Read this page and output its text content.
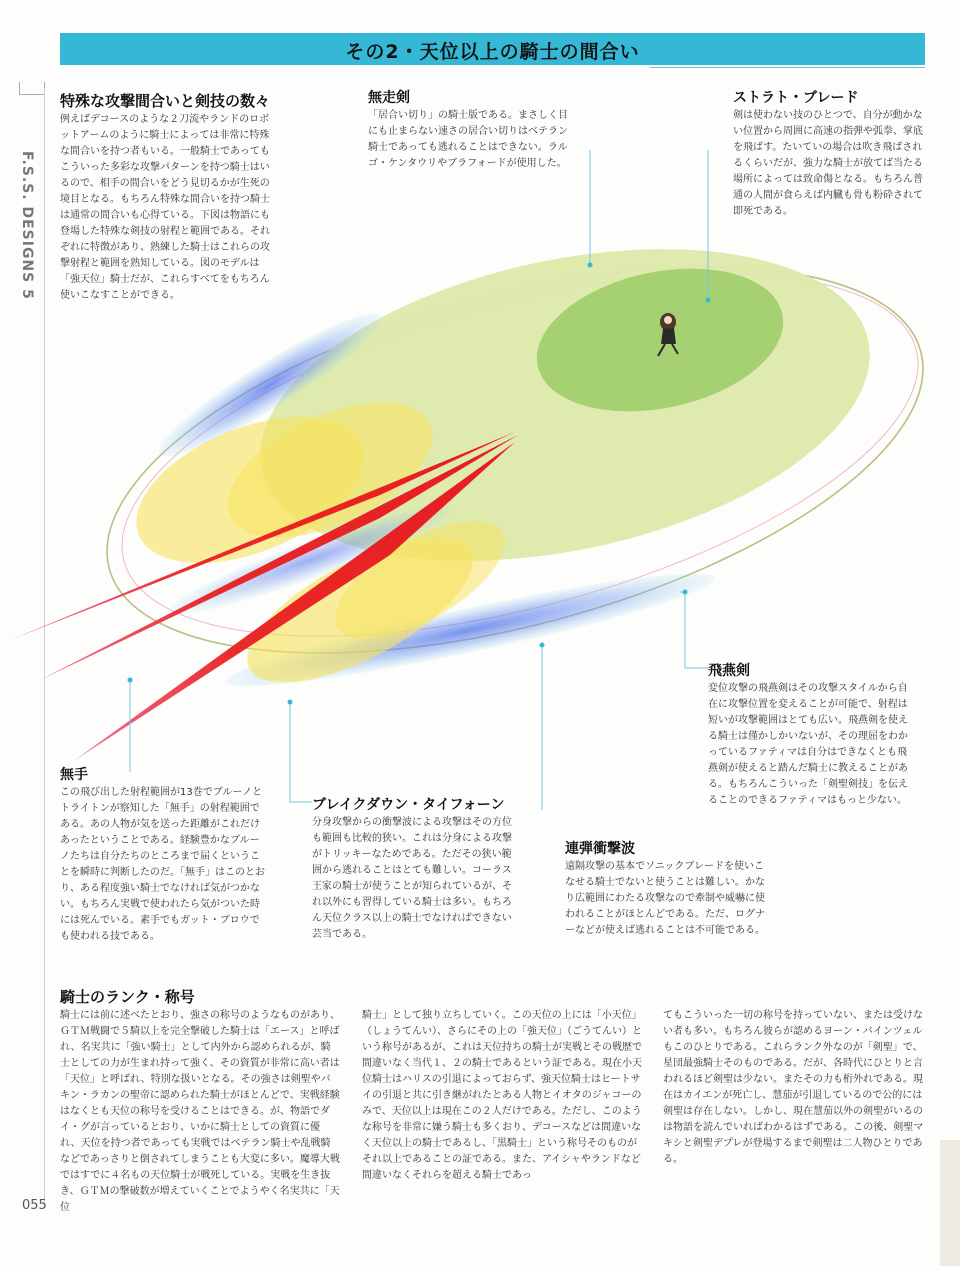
その2・天位以上の騎士の間合い
F.S.S. DESIGNS 5
特殊な攻撃間合いと剣技の数々
例えばデコースのような２刀流やランドのロボットアームのように騎士によっては非常に特殊な間合いを持つ者もいる。一般騎士であってもこういった多彩な攻撃パターンを持つ騎士はいるので、相手の間合いをどう見切るかが生死の境目となる。もちろん特殊な間合いを持つ騎士は通常の間合いも心得ている。下図は物語にも登場した特殊な剣技の射程と範囲である。それぞれに特徴があり、熟練した騎士はこれらの攻撃射程と範囲を熟知している。図のモデルは「強天位」騎士だが、これらすべてをもちろん使いこなすことができる。
無走剣
「居合い切り」の騎士版である。まさしく目にも止まらない速さの居合い切りはベテラン騎士であっても逃れることはできない。ラルゴ・ケンタウリやブラフォードが使用した。
ストラト・ブレード
剣は使わない技のひとつで、自分が動かない位置から周囲に高速の指弾や弧拳、掌底を飛ばす。たいていの場合は吹き飛ばされるくらいだが、強力な騎士が放てば当たる場所によっては致命傷となる。もちろん普通の人間が食らえば内臓も骨も粉砕されて即死である。
飛燕剣
変位攻撃の飛燕剣はその攻撃スタイルから自在に攻撃位置を変えることが可能で、射程は短いが攻撃範囲はとても広い。飛燕剣を使える騎士は僅かしかいないが、その理屈をわかっているファティマは自分はできなくとも飛燕剣が使えると踏んだ騎士に教えることがある。もちろんこういった「剣聖剣技」を伝えることのできるファティマはもっと少ない。
無手
この飛び出した射程範囲が13巻でブルーノとトライトンが察知した「無手」の射程範囲である。あの人物が気を送った距離がこれだけあったということである。経験豊かなブルーノたちは自分たちのところまで届くということを瞬時に判断したのだ。「無手」はこのとおり、ある程度強い騎士でなければ気がつかない。もちろん実戦で使われたら気がついた時には死んでいる。素手でもガット・ブロウでも使われる技である。
ブレイクダウン・タイフォーン
分身攻撃からの衝撃波による攻撃はその方位も範囲も比較的狭い。これは分身による攻撃がトリッキーなためである。ただその狭い範囲から逃れることはとても難しい。コーラス王家の騎士が使うことが知られているが、それ以外にも習得している騎士は多い。もちろん天位クラス以上の騎士でなければできない芸当である。
連弾衝撃波
遠隔攻撃の基本でソニックブレードを使いこなせる騎士でないと使うことは難しい。かなり広範囲にわたる攻撃なので牽制や威嚇に使われることがほとんどである。ただ、ログナーなどが使えば逃れることは不可能である。
騎士のランク・称号
騎士には前に述べたとおり、強さの称号のようなものがあり、ＧＴＭ戦闘で５騎以上を完全撃破した騎士は「エース」と呼ばれ、名実共に「強い騎士」として内外から認められるが、騎士としての力が生まれ持って強く、その資質が非常に高い者は「天位」と呼ばれ、特別な扱いとなる。その強さは剣聖やバキン・ラカンの聖帝に認められた騎士がほとんどで、実戦経験はなくとも天位の称号を受けることはできる。が、物語でダイ・グが言っているとおり、いかに騎士としての資質に優れ、天位を持つ者であっても実戦ではベテラン騎士や乱戦騎などであっさりと倒されてしまうことも大変に多い。魔導大戦ではすでに４名もの天位騎士が戦死している。実戦を生き抜き、ＧＴＭの撃破数が増えていくことでようやく名実共に「天位
騎士」として独り立ちしていく。この天位の上には「小天位」（しょうてんい）、さらにその上の「強天位」（ごうてんい）という称号があるが、これは天位持ちの騎士が実戦とその戦歴で間違いなく当代１、２の騎士であるという証である。現在小天位騎士はハリスの引退によっておらず、強天位騎士はヒートサイの引退と共に引き継がれたとある人物とイオタのジャコーのみで、天位以上は現在この２人だけである。ただし、このような称号を非常に嫌う騎士も多くおり、デコースなどは間違いなく天位以上の騎士であるし、「黒騎士」という称号そのものがそれ以上であることの証である。また、アイシャやランドなど間違いなくそれらを超える騎士であっ
てもこういった一切の称号を持っていない、または受けない者も多い。もちろん彼らが認めるヨーン・バインツェルもこのひとりである。これらランク外なのが「剣聖」で、星団最強騎士そのものである。だが、各時代にひとりと言われるほど剣聖は少ない。またその力も桁外れである。現在はカイエンが死亡し、慧茄が引退しているので公的には剣聖は存在しない。しかし、現在慧茄以外の剣聖がいるのは物語を読んでいればわかるはずである。この後、剣聖マキシと剣聖デプレが登場するまで剣聖は二人物ひとりである。
055
